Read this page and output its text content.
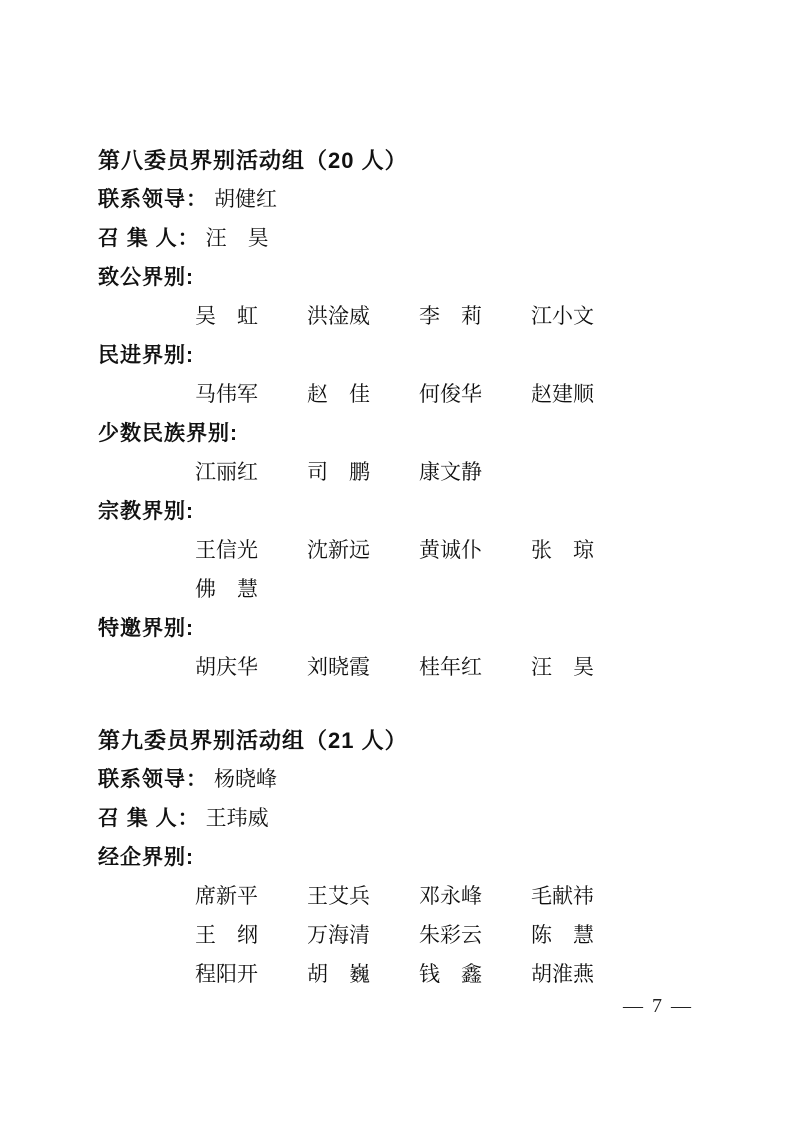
第八委员界别活动组（20 人）
联系领导： 胡健红
召 集 人： 汪　昊
致公界别:
吴　虹	洪淦威	李　莉	江小文
民进界别:
马伟军	赵　佳	何俊华	赵建顺
少数民族界别:
江丽红	司　鹏	康文静
宗教界别:
王信光	沈新远	黄诚仆	张　琼
佛　慧
特邀界别:
胡庆华	刘晓霞	桂年红	汪　昊
第九委员界别活动组（21 人）
联系领导： 杨晓峰
召 集 人： 王玮威
经企界别:
席新平	王艾兵	邓永峰	毛献祎
王　纲	万海清	朱彩云	陈　慧
程阳开	胡　巍	钱　鑫	胡淮燕
— 7 —
